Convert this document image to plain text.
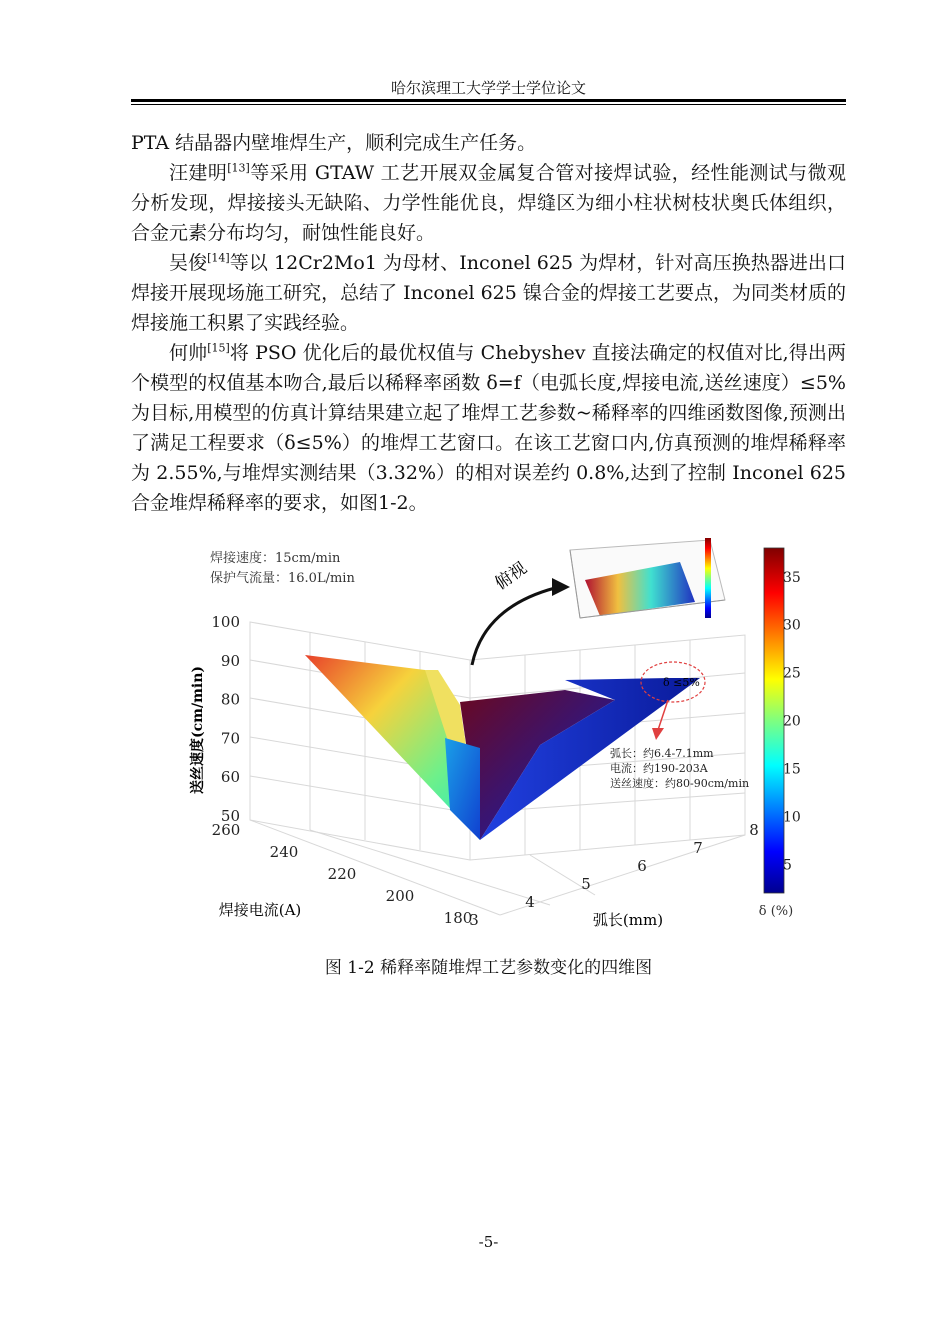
哈尔滨理工大学学士学位论文

PTA 结晶器内壁堆焊生产，顺利完成生产任务。

汪建明[13]等采用 GTAW 工艺开展双金属复合管对接焊试验，经性能测试与微观分析发现，焊接接头无缺陷、力学性能优良，焊缝区为细小柱状树枝状奥氏体组织，合金元素分布均匀，耐蚀性能良好。

吴俊[14]等以 12Cr2Mo1 为母材、Inconel 625 为焊材，针对高压换热器进出口焊接开展现场施工研究，总结了 Inconel 625 镍合金的焊接工艺要点，为同类材质的焊接施工积累了实践经验。

何帅[15]将 PSO 优化后的最优权值与 Chebyshev 直接法确定的权值对比,得出两个模型的权值基本吻合,最后以稀释率函数 δ=f（电弧长度,焊接电流,送丝速度）≤5%为目标,用模型的仿真计算结果建立起了堆焊工艺参数~稀释率的四维函数图像,预测出了满足工程要求（δ≤5%）的堆焊工艺窗口。在该工艺窗口内,仿真预测的堆焊稀释率为 2.55%,与堆焊实测结果（3.32%）的相对误差约 0.8%,达到了控制 Inconel 625 合金堆焊稀释率的要求，如图1-2。

100
90
80
70
60
50
260
240
220
200
180
3
4
5
6
7
8
送丝速度(cm/min)
焊接电流(A)
弧长(mm)
焊接速度：15cm/min
保护气流量：16.0L/min	俯视
δ ≤5%
弧长：约6.4-7.1mm
电流：约190-203A
送丝速度：约80-90cm/min
35
30
25
20
15
10
5
δ (%)
图 1-2 稀释率随堆焊工艺参数变化的四维图
-5-
